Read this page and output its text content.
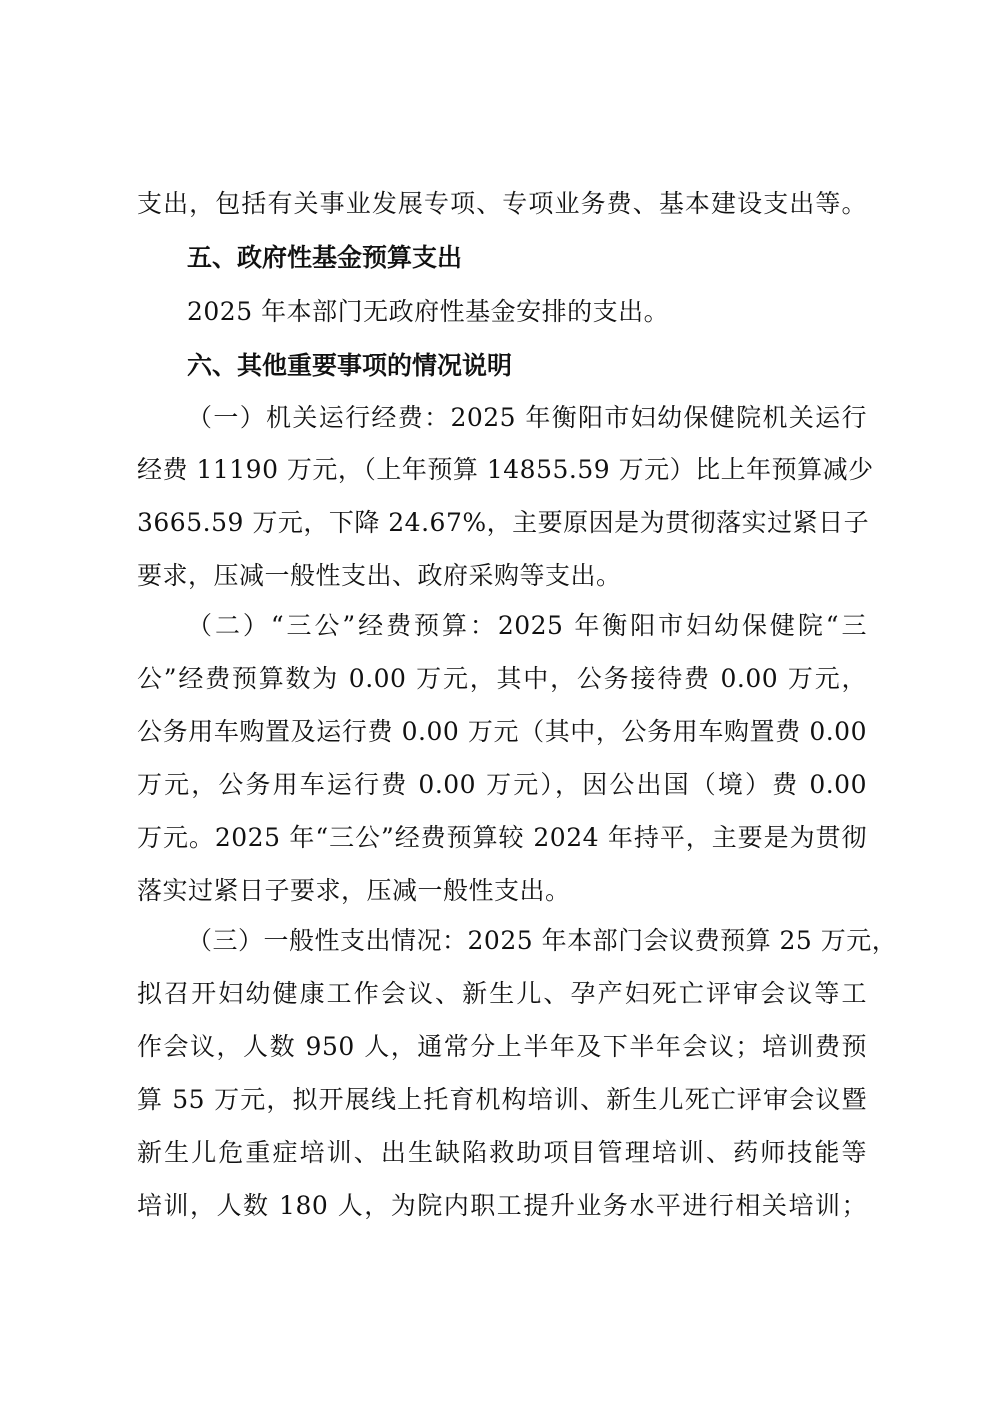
支出，包括有关事业发展专项、专项业务费、基本建设支出等。
五、政府性基金预算支出
2025 年本部门无政府性基金安排的支出。
六、其他重要事项的情况说明
（一）机关运行经费：2025 年衡阳市妇幼保健院机关运行
经费 11190 万元，（上年预算 14855.59 万元）比上年预算减少
3665.59 万元，下降 24.67%，主要原因是为贯彻落实过紧日子
要求，压减一般性支出、政府采购等支出。
（二）“三公”经费预算：2025 年衡阳市妇幼保健院“三
公”经费预算数为 0.00 万元，其中，公务接待费 0.00 万元，
公务用车购置及运行费 0.00 万元（其中，公务用车购置费 0.00
万元，公务用车运行费 0.00 万元），因公出国（境）费 0.00
万元。2025 年“三公”经费预算较 2024 年持平，主要是为贯彻
落实过紧日子要求，压减一般性支出。
（三）一般性支出情况：2025 年本部门会议费预算 25 万元，
拟召开妇幼健康工作会议、新生儿、孕产妇死亡评审会议等工
作会议，人数 950 人，通常分上半年及下半年会议；培训费预
算 55 万元，拟开展线上托育机构培训、新生儿死亡评审会议暨
新生儿危重症培训、出生缺陷救助项目管理培训、药师技能等
培训，人数 180 人，为院内职工提升业务水平进行相关培训；
